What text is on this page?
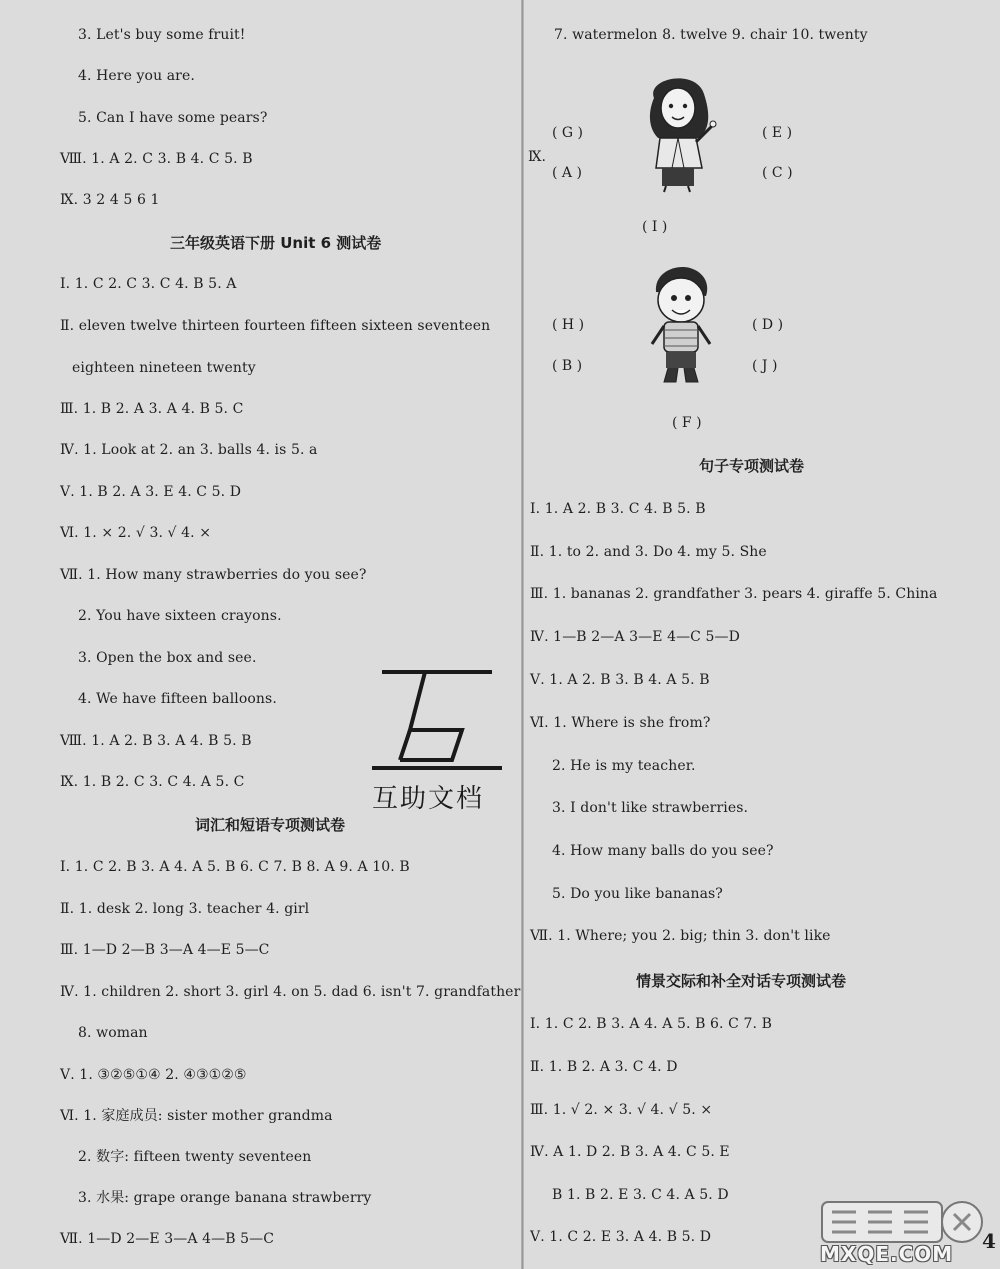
3. Let's buy some fruit!
4. Here you are.
5. Can I have some pears?
Ⅷ. 1. A 2. C 3. B 4. C 5. B
Ⅸ. 3 2 4 5 6 1
三年级英语下册 Unit 6 测试卷
Ⅰ. 1. C 2. C 3. C 4. B 5. A
Ⅱ. eleven twelve thirteen fourteen fifteen sixteen seventeen
eighteen nineteen twenty
Ⅲ. 1. B 2. A 3. A 4. B 5. C
Ⅳ. 1. Look at 2. an 3. balls 4. is 5. a
Ⅴ. 1. B 2. A 3. E 4. C 5. D
Ⅵ. 1. × 2. √ 3. √ 4. ×
Ⅶ. 1. How many strawberries do you see?
2. You have sixteen crayons.
3. Open the box and see.
4. We have fifteen balloons.
Ⅷ. 1. A 2. B 3. A 4. B 5. B
Ⅸ. 1. B 2. C 3. C 4. A 5. C
互助文档
词汇和短语专项测试卷
Ⅰ. 1. C 2. B 3. A 4. A 5. B 6. C 7. B 8. A 9. A 10. B
Ⅱ. 1. desk 2. long 3. teacher 4. girl
Ⅲ. 1—D 2—B 3—A 4—E 5—C
Ⅳ. 1. children 2. short 3. girl 4. on 5. dad 6. isn't 7. grandfather
8. woman
Ⅴ. 1. ③②⑤①④ 2. ④③①②⑤
Ⅵ. 1. 家庭成员: sister mother grandma
2. 数字: fifteen twenty seventeen
3. 水果: grape orange banana strawberry
Ⅶ. 1—D 2—E 3—A 4—B 5—C
7. watermelon 8. twelve 9. chair 10. twenty
Ⅸ.
( G )	( E )
( A )	( C )
( I )
( H )	( D )
( B )	( J )
( F )
句子专项测试卷
Ⅰ. 1. A 2. B 3. C 4. B 5. B
Ⅱ. 1. to 2. and 3. Do 4. my 5. She
Ⅲ. 1. bananas 2. grandfather 3. pears 4. giraffe 5. China
Ⅳ. 1—B 2—A 3—E 4—C 5—D
Ⅴ. 1. A 2. B 3. B 4. A 5. B
Ⅵ. 1. Where is she from?
2. He is my teacher.
3. I don't like strawberries.
4. How many balls do you see?
5. Do you like bananas?
Ⅶ. 1. Where; you 2. big; thin 3. don't like
情景交际和补全对话专项测试卷
Ⅰ. 1. C 2. B 3. A 4. A 5. B 6. C 7. B
Ⅱ. 1. B 2. A 3. C 4. D
Ⅲ. 1. √ 2. × 3. √ 4. √ 5. ×
Ⅳ. A 1. D 2. B 3. A 4. C 5. E
B 1. B 2. E 3. C 4. A 5. D
Ⅴ. 1. C 2. E 3. A 4. B 5. D
MXQE.COM
4
